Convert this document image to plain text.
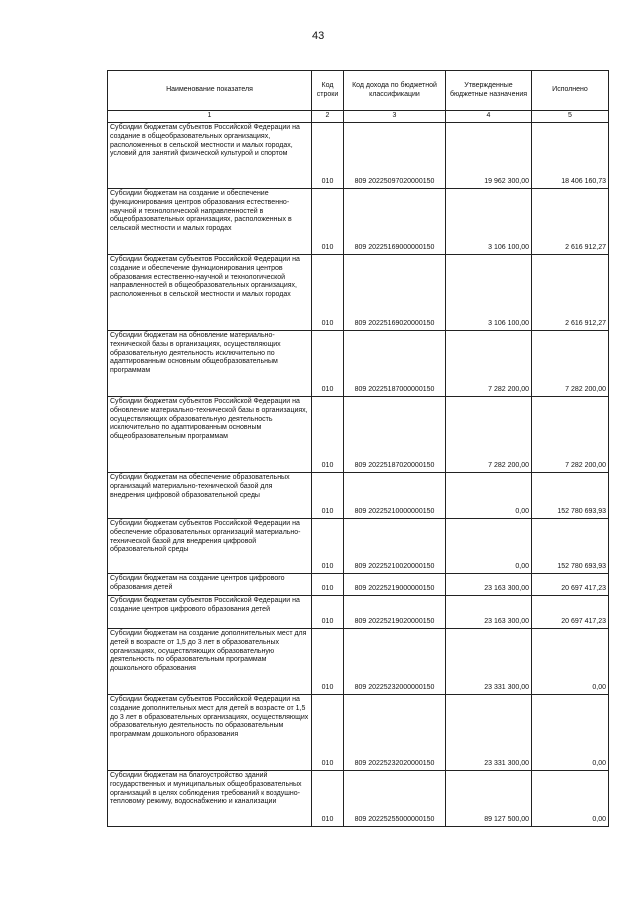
43
Наименование показателя	Код строки	Код дохода по бюджетной классификации	Утвержденные бюджетные назначения	Исполнено
1	2	3	4	5
Субсидии бюджетам субъектов Российской Федерации на создание в общеобразовательных организациях, расположенных в сельской местности и малых городах, условий для занятий физической культурой и спортом	010	809 20225097020000150	19 962 300,00	18 406 160,73
Субсидии бюджетам на создание и обеспечение функционирования центров образования естественно-научной и технологической направленностей в общеобразовательных организациях, расположенных в сельской местности и малых городах	010	809 20225169000000150	3 106 100,00	2 616 912,27
Субсидии бюджетам субъектов Российской Федерации на создание и обеспечение функционирования центров образования естественно-научной и технологической направленностей в общеобразовательных организациях, расположенных в сельской местности и малых городах	010	809 20225169020000150	3 106 100,00	2 616 912,27
Субсидии бюджетам на обновление материально-технической базы в организациях, осуществляющих образовательную деятельность исключительно по адаптированным основным общеобразовательным программам	010	809 20225187000000150	7 282 200,00	7 282 200,00
Субсидии бюджетам субъектов Российской Федерации на обновление материально-технической базы в организациях, осуществляющих образовательную деятельность исключительно по адаптированным основным общеобразовательным программам	010	809 20225187020000150	7 282 200,00	7 282 200,00
Субсидии бюджетам на обеспечение образовательных организаций материально-технической базой для внедрения цифровой образовательной среды	010	809 20225210000000150	0,00	152 780 693,93
Субсидии бюджетам субъектов Российской Федерации на обеспечение образовательных организаций материально-технической базой для внедрения цифровой образовательной среды	010	809 20225210020000150	0,00	152 780 693,93
Субсидии бюджетам на создание центров цифрового образования детей	010	809 20225219000000150	23 163 300,00	20 697 417,23
Субсидии бюджетам субъектов Российской Федерации на создание центров цифрового образования детей	010	809 20225219020000150	23 163 300,00	20 697 417,23
Субсидии бюджетам на создание дополнительных мест для детей в возрасте от 1,5 до 3 лет в образовательных организациях, осуществляющих образовательную деятельность по образовательным программам дошкольного образования	010	809 20225232000000150	23 331 300,00	0,00
Субсидии бюджетам субъектов Российской Федерации на создание дополнительных мест для детей в возрасте от 1,5 до 3 лет в образовательных организациях, осуществляющих образовательную деятельность по образовательным программам дошкольного образования	010	809 20225232020000150	23 331 300,00	0,00
Субсидии бюджетам на благоустройство зданий государственных и муниципальных общеобразовательных организаций в целях соблюдения требований к воздушно-тепловому режиму, водоснабжению и канализации	010	809 20225255000000150	89 127 500,00	0,00
